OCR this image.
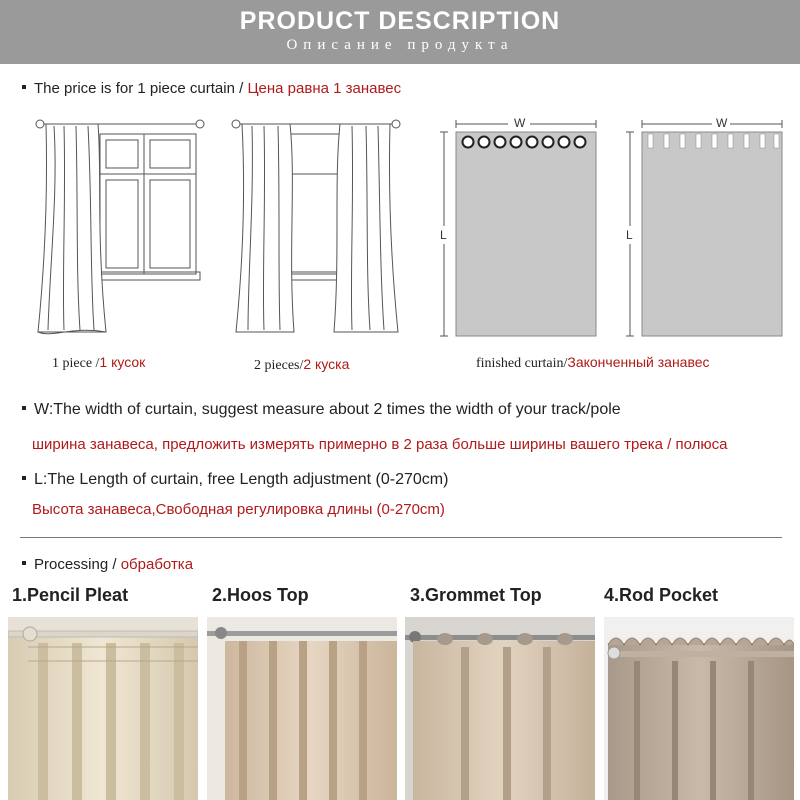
PRODUCT DESCRIPTION
Описание продукта
The price is for 1 piece curtain / Цена равна 1 занавес
1 piece /1 кусок	2 pieces/2 куска
W
L
W
L
finished curtain/Законченный занавес
W:The width of curtain, suggest measure about 2 times the width of your track/pole
ширина занавеса, предложить измерять примерно в 2 раза больше ширины вашего трека / полюса
L:The Length of curtain, free Length adjustment (0-270cm)
Высота занавеса,Свободная регулировка длины (0-270cm)
Processing / обработка
1.Pencil Pleat	2.Hoos Top	3.Grommet Top	4.Rod Pocket
